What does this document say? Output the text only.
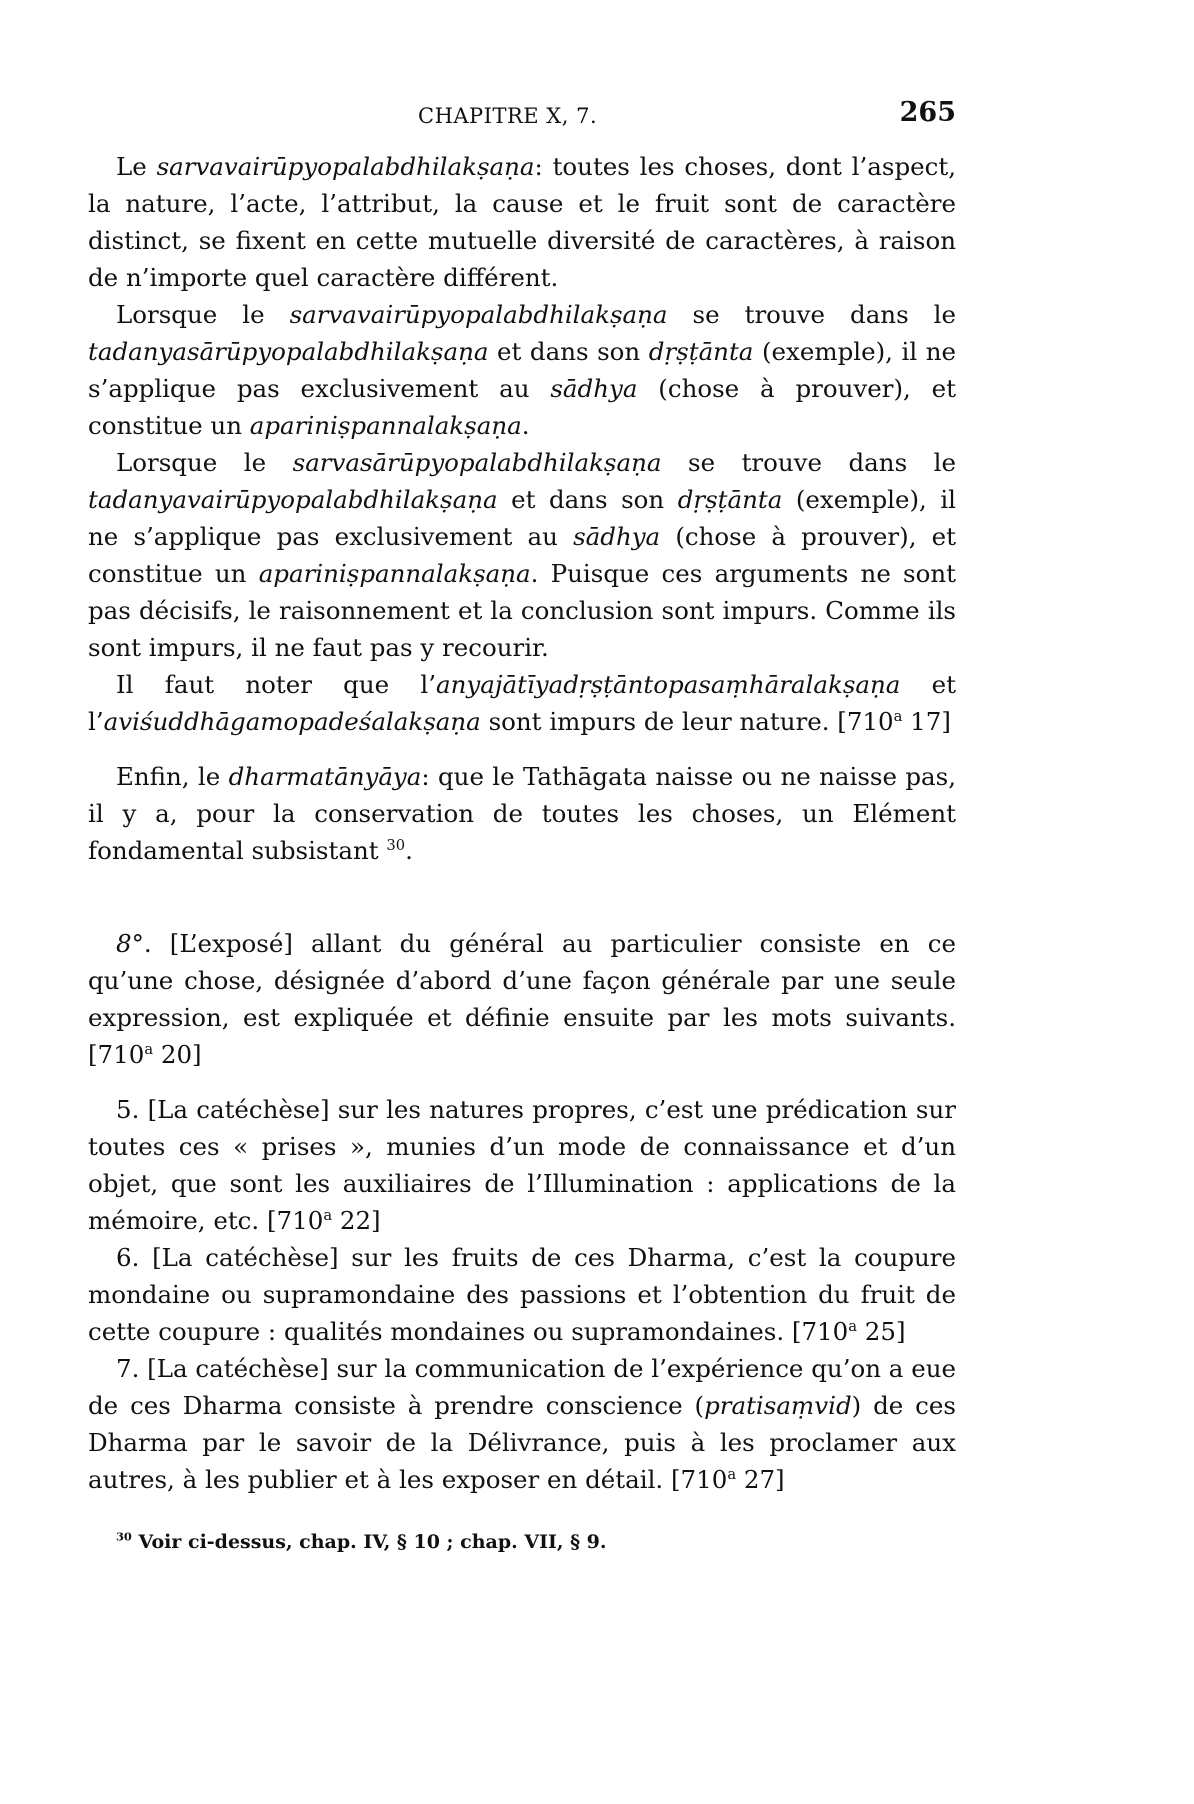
CHAPITRE X, 7.	265

Le sarvavairūpyopalabdhilakṣaṇa: toutes les choses, dont l’aspect, la nature, l’acte, l’attribut, la cause et le fruit sont de caractère distinct, se fixent en cette mutuelle diversité de caractères, à raison de n’importe quel caractère différent.

Lorsque le sarvavairūpyopalabdhilakṣaṇa se trouve dans le tadanyasārūpyopalabdhilakṣaṇa et dans son dṛṣṭānta (exemple), il ne s’applique pas exclusivement au sādhya (chose à prouver), et constitue un apariniṣpannalakṣaṇa.

Lorsque le sarvasārūpyopalabdhilakṣaṇa se trouve dans le tadanyavairūpyopalabdhilakṣaṇa et dans son dṛṣṭānta (exemple), il ne s’applique pas exclusivement au sādhya (chose à prouver), et constitue un apariniṣpannalakṣaṇa. Puisque ces arguments ne sont pas décisifs, le raisonnement et la conclusion sont impurs. Comme ils sont impurs, il ne faut pas y recourir.

Il faut noter que l’anyajātīyadṛṣṭāntopasaṃhāralakṣaṇa et l’aviśuddhāgamopadeśalakṣaṇa sont impurs de leur nature. [710$^a$ 17]

Enfin, le dharmatānyāya: que le Tathāgata naisse ou ne naisse pas, il y a, pour la conservation de toutes les choses, un Elément fondamental subsistant $^{30}$.

8°. [L’exposé] allant du général au particulier consiste en ce qu’une chose, désignée d’abord d’une façon générale par une seule expression, est expliquée et définie ensuite par les mots suivants. [710$^a$ 20]

5. [La catéchèse] sur les natures propres, c’est une prédication sur toutes ces « prises », munies d’un mode de connaissance et d’un objet, que sont les auxiliaires de l’Illumination : applications de la mémoire, etc. [710$^a$ 22]

6. [La catéchèse] sur les fruits de ces Dharma, c’est la coupure mondaine ou supramondaine des passions et l’obtention du fruit de cette coupure : qualités mondaines ou supramondaines. [710$^a$ 25]

7. [La catéchèse] sur la communication de l’expérience qu’on a eue de ces Dharma consiste à prendre conscience (pratisaṃvid) de ces Dharma par le savoir de la Délivrance, puis à les proclamer aux autres, à les publier et à les exposer en détail. [710$^a$ 27]

$^{30}$ Voir ci-dessus, chap. IV, § 10 ; chap. VII, § 9.
